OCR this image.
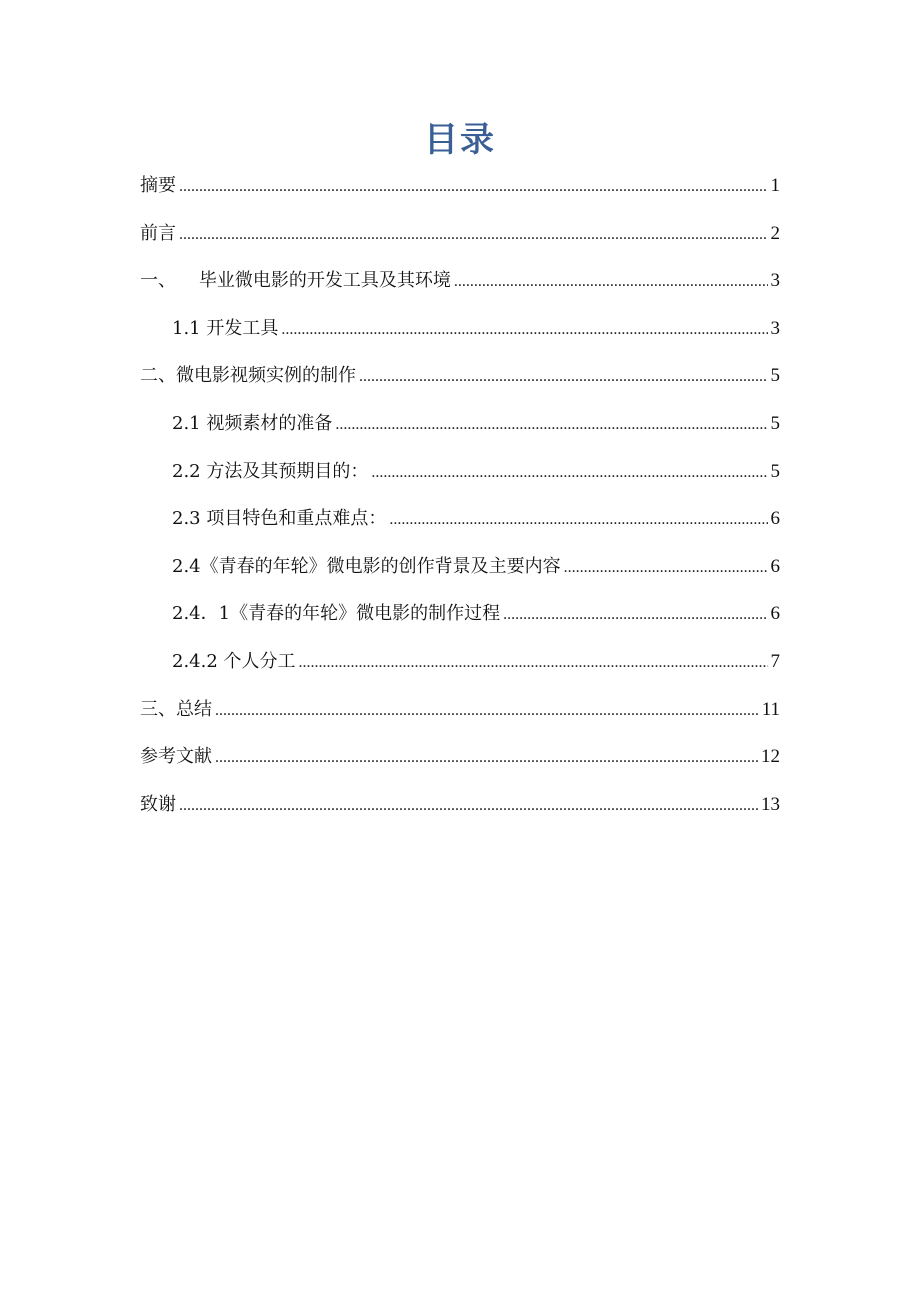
目录
摘要 .....	1
前言 .....	2
一、    毕业微电影的开发工具及其环境 .....	3
1.1 开发工具 .....	3
二、微电影视频实例的制作 .....	5
2.1 视频素材的准备 .....	5
2.2 方法及其预期目的： .....	5
2.3 项目特色和重点难点： .....	6
2.4《青春的年轮》微电影的创作背景及主要内容 .....	6
2.4．1《青春的年轮》微电影的制作过程 .....	6
2.4.2 个人分工 .....	7
三、总结 .....	11
参考文献 .....	12
致谢 .....	13
